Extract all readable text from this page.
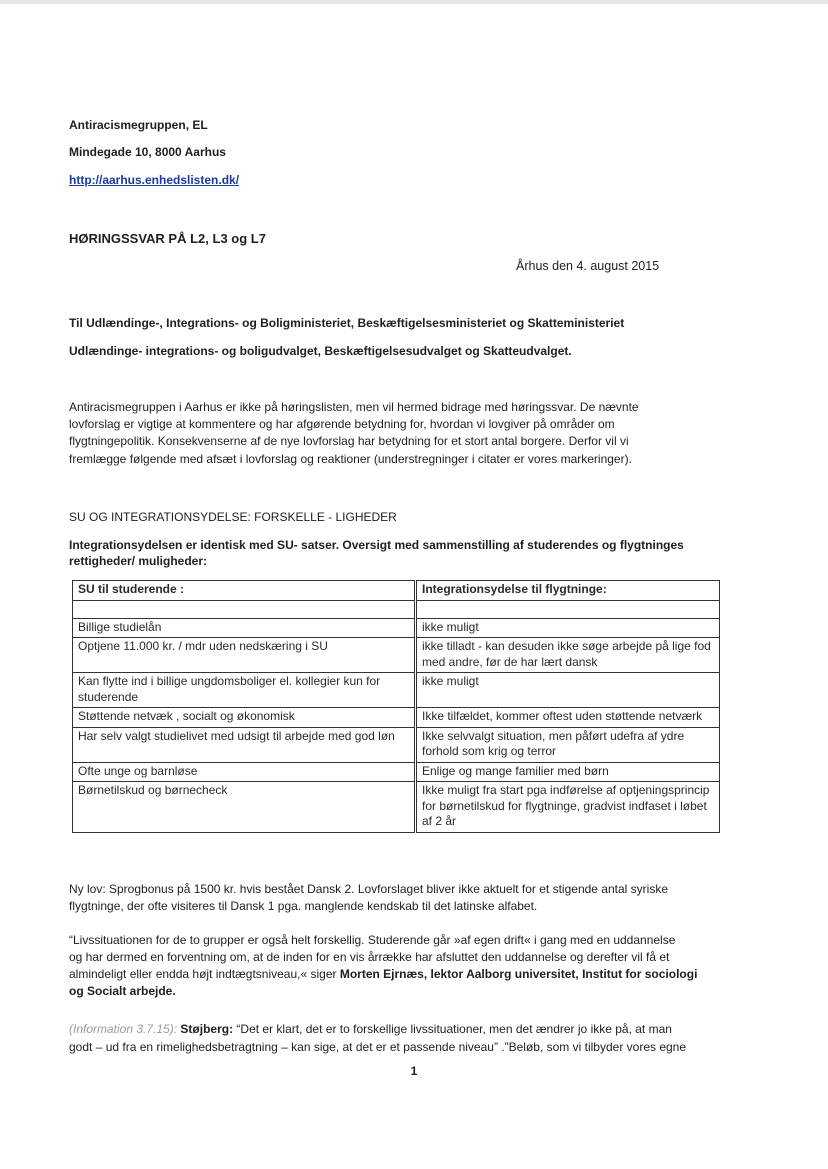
Antiracismegruppen, EL
Mindegade 10, 8000 Aarhus
http://aarhus.enhedslisten.dk/
HØRINGSSVAR PÅ L2, L3 og L7
Århus den 4. august 2015
Til Udlændinge-, Integrations- og Boligministeriet, Beskæftigelsesministeriet og Skatteministeriet
Udlændinge- integrations- og boligudvalget, Beskæftigelsesudvalget og Skatteudvalget.
Antiracismegruppen i Aarhus er ikke på høringslisten, men vil hermed bidrage med høringssvar. De nævnte
lovforslag er vigtige at kommentere og har afgørende betydning for, hvordan vi lovgiver på områder om
flygtningepolitik. Konsekvenserne af de nye lovforslag har betydning for et stort antal borgere. Derfor vil vi
fremlægge følgende med afsæt i lovforslag og reaktioner (understregninger i citater er vores markeringer).
SU OG INTEGRATIONSYDELSE: FORSKELLE - LIGHEDER
Integrationsydelsen er identisk med SU- satser. Oversigt med sammenstilling af studerendes og flygtninges
rettigheder/ muligheder:
SU til studerende :		Integrationsydelse til flygtninge:

Billige studielån		ikke muligt
Optjene 11.000 kr. / mdr uden nedskæring i SU		ikke tilladt - kan desuden ikke søge arbejde på lige fod med andre, før de har lært dansk
Kan flytte ind i billige ungdomsboliger el. kollegier kun for studerende		ikke muligt
Støttende netvæk , socialt og økonomisk		Ikke tilfældet, kommer oftest uden støttende netværk
Har selv valgt studielivet med udsigt til arbejde med god løn		Ikke selvvalgt situation, men påført udefra af ydre forhold som krig og terror
Ofte unge og barnløse		Enlige og mange familier med børn
Børnetilskud og børnecheck		Ikke muligt fra start pga indførelse af optjeningsprincip for børnetilskud for flygtninge, gradvist indfaset i løbet af 2 år
Ny lov: Sprogbonus på 1500 kr. hvis bestået Dansk 2. Lovforslaget bliver ikke aktuelt for et stigende antal syriske
flygtninge, der ofte visiteres til Dansk 1 pga. manglende kendskab til det latinske alfabet.
“Livssituationen for de to grupper er også helt forskellig. Studerende går »af egen drift« i gang med en uddannelse
og har dermed en forventning om, at de inden for en vis årrække har afsluttet den uddannelse og derefter vil få et
almindeligt eller endda højt indtægtsniveau,« siger Morten Ejrnæs, lektor Aalborg universitet, Institut for sociologi
og Socialt arbejde.
(Information 3.7.15): Støjberg: “Det er klart, det er to forskellige livssituationer, men det ændrer jo ikke på, at man
godt – ud fra en rimelighedsbetragtning – kan sige, at det er et passende niveau” .”Beløb, som vi tilbyder vores egne
1
